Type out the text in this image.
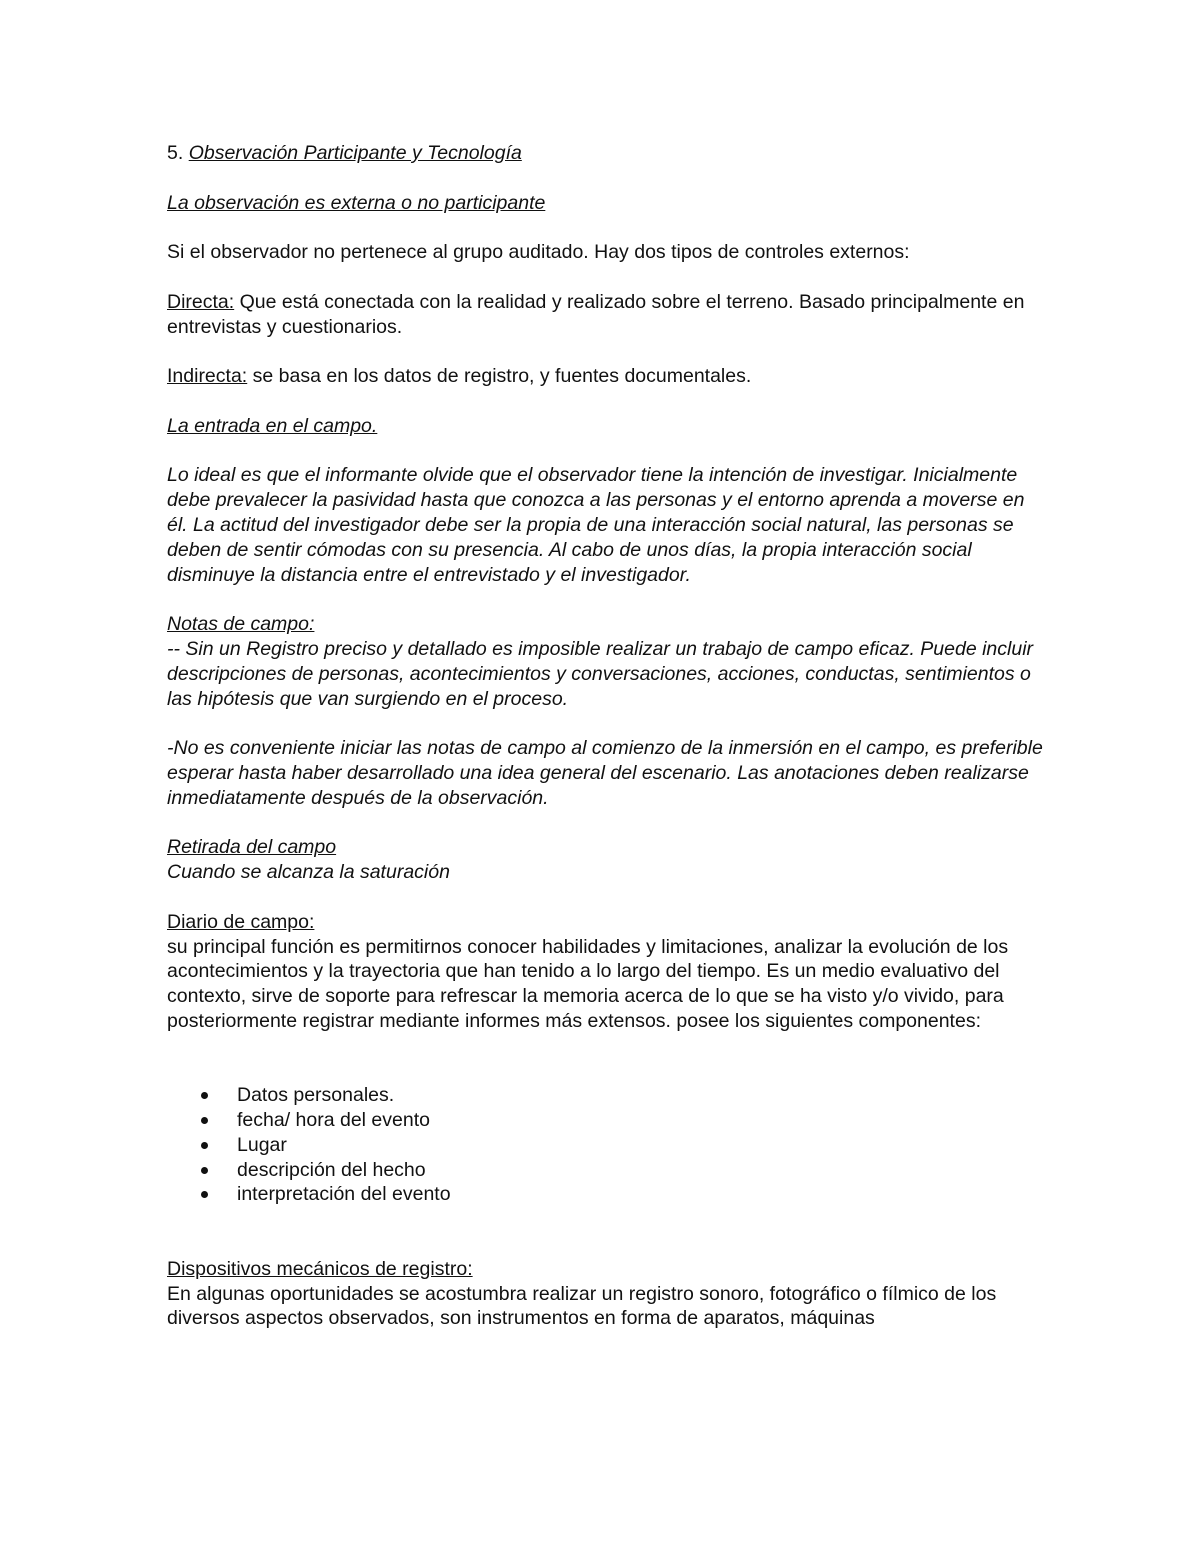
5. Observación Participante y Tecnología

La observación es externa o no participante

Si el observador no pertenece al grupo auditado. Hay dos tipos de controles externos:

Directa: Que está conectada con la realidad y realizado sobre el terreno. Basado principalmente en entrevistas y cuestionarios.

Indirecta: se basa en los datos de registro, y fuentes documentales.

La entrada en el campo.

Lo ideal es que el informante olvide que el observador tiene la intención de investigar. Inicialmente debe prevalecer la pasividad hasta que conozca a las personas y el entorno aprenda a moverse en él. La actitud del investigador debe ser la propia de una interacción social natural, las personas se deben de sentir cómodas con su presencia. Al cabo de unos días, la propia interacción social disminuye la distancia entre el entrevistado y el investigador.

Notas de campo:

-- Sin un Registro preciso y detallado es imposible realizar un trabajo de campo eficaz. Puede incluir descripciones de personas, acontecimientos y conversaciones, acciones, conductas, sentimientos o las hipótesis que van surgiendo en el proceso.

-No es conveniente iniciar las notas de campo al comienzo de la inmersión en el campo, es preferible esperar hasta haber desarrollado una idea general del escenario. Las anotaciones deben realizarse inmediatamente después de la observación.

Retirada del campo

Cuando se alcanza la saturación

Diario de campo:

su principal función es permitirnos conocer habilidades y limitaciones, analizar la evolución de los acontecimientos y la trayectoria que han tenido a lo largo del tiempo. Es un medio evaluativo del contexto, sirve de soporte para refrescar la memoria acerca de lo que se ha visto y/o vivido, para posteriormente registrar mediante informes más extensos. posee los siguientes componentes:

Datos personales.
fecha/ hora del evento
Lugar
descripción del hecho
interpretación del evento
Dispositivos mecánicos de registro:

En algunas oportunidades se acostumbra realizar un registro sonoro, fotográfico o fílmico de los diversos aspectos observados, son instrumentos en forma de aparatos, máquinas
